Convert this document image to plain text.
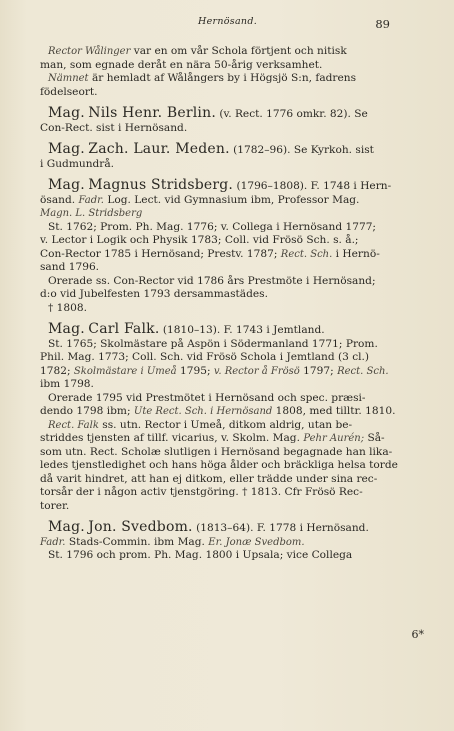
Hernösand.	89
Rector Wålinger var en om vår Schola förtjent och nitisk
man, som egnade deråt en nära 50-årig verksamhet.
Nämnet är hemladt af Wålångers by i Högsjö S:n, fadrens
födelseort.
Mag. Nils Henr. Berlin. (v. Rect. 1776 omkr. 82). Se
Con-Rect. sist i Hernösand.
Mag. Zach. Laur. Meden. (1782–96). Se Kyrkoh. sist
i Gudmundrå.
Mag. Magnus Stridsberg. (1796–1808). F. 1748 i Hern-
ösand. Fadr. Log. Lect. vid Gymnasium ibm, Professor Mag.
Magn. L. Stridsberg
St. 1762; Prom. Ph. Mag. 1776; v. Collega i Hernösand 1777;
v. Lector i Logik och Physik 1783; Coll. vid Frösö Sch. s. å.;
Con-Rector 1785 i Hernösand; Prestv. 1787; Rect. Sch. i Hernö-
sand 1796.
Orerade ss. Con-Rector vid 1786 års Prestmöte i Hernösand;
d:o vid Jubelfesten 1793 dersammastädes.
† 1808.
Mag. Carl Falk. (1810–13). F. 1743 i Jemtland.
St. 1765; Skolmästare på Aspön i Södermanland 1771; Prom.
Phil. Mag. 1773; Coll. Sch. vid Frösö Schola i Jemtland (3 cl.)
1782; Skolmästare i Umeå 1795; v. Rector å Frösö 1797; Rect. Sch.
ibm 1798.
Orerade 1795 vid Prestmötet i Hernösand och spec. præsi-
dendo 1798 ibm; Ute Rect. Sch. i Hernösand 1808, med tilltr. 1810.
Rect. Falk ss. utn. Rector i Umeå, ditkom aldrig, utan be-
striddes tjensten af tillf. vicarius, v. Skolm. Mag. Pehr Aurén; Så-
som utn. Rect. Scholæ slutligen i Hernösand begagnade han lika-
ledes tjenstledighet och hans höga ålder och bräckliga helsa torde
då varit hindret, att han ej ditkom, eller trädde under sina rec-
torsår der i någon activ tjenstgöring. † 1813. Cfr Frösö Rec-
torer.
Mag. Jon. Svedbom. (1813–64). F. 1778 i Hernösand.
Fadr. Stads-Commin. ibm Mag. Er. Jonæ Svedbom.
St. 1796 och prom. Ph. Mag. 1800 i Upsala; vice Collega
6*
